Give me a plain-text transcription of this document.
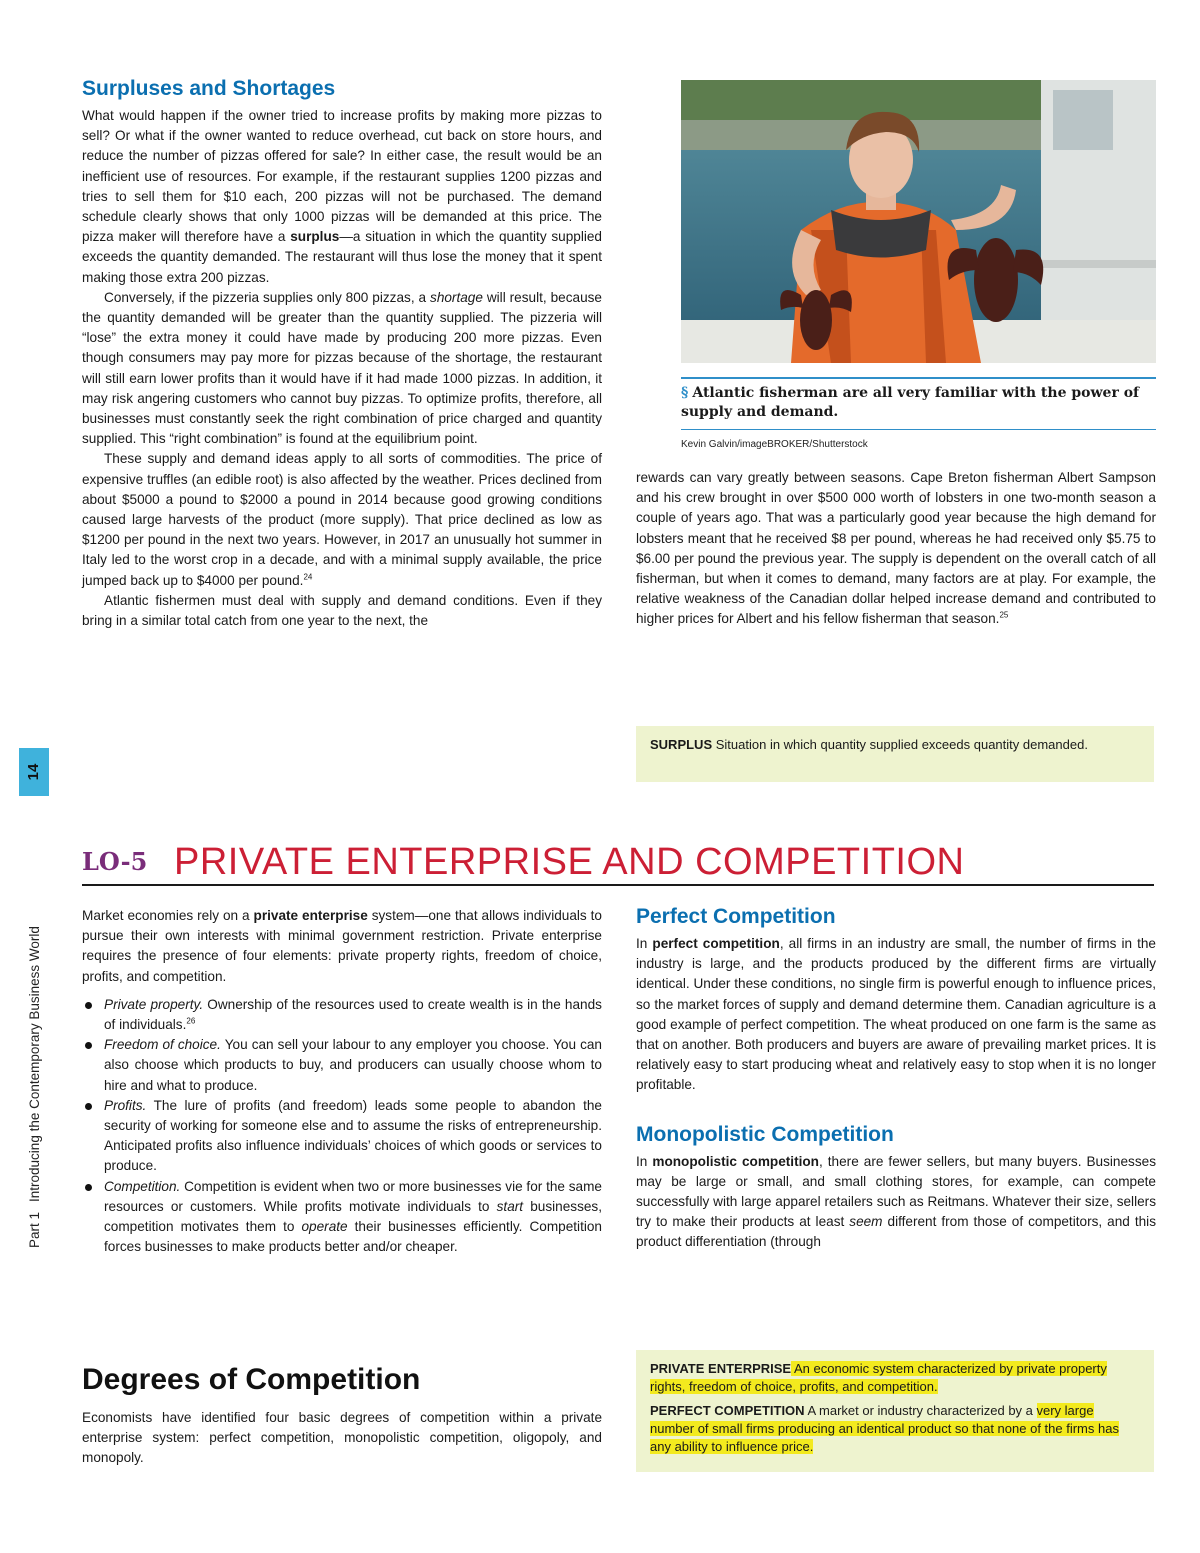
Surpluses and Shortages

What would happen if the owner tried to increase profits by making more pizzas to sell? Or what if the owner wanted to reduce overhead, cut back on store hours, and reduce the number of pizzas offered for sale? In either case, the result would be an inefficient use of resources. For example, if the restaurant supplies 1200 pizzas and tries to sell them for $10 each, 200 pizzas will not be purchased. The demand schedule clearly shows that only 1000 pizzas will be demanded at this price. The pizza maker will therefore have a surplus—a situation in which the quantity supplied exceeds the quantity demanded. The restaurant will thus lose the money that it spent making those extra 200 pizzas.

Conversely, if the pizzeria supplies only 800 pizzas, a shortage will result, because the quantity demanded will be greater than the quantity supplied. The pizzeria will “lose” the extra money it could have made by producing 200 more pizzas. Even though consumers may pay more for pizzas because of the shortage, the restaurant will still earn lower profits than it would have if it had made 1000 pizzas. In addition, it may risk angering customers who cannot buy pizzas. To optimize profits, therefore, all businesses must constantly seek the right combination of price charged and quantity supplied. This “right combination” is found at the equilibrium point.

These supply and demand ideas apply to all sorts of commodities. The price of expensive truffles (an edible root) is also affected by the weather. Prices declined from about $5000 a pound to $2000 a pound in 2014 because good growing conditions caused large harvests of the product (more supply). That price declined as low as $1200 per pound in the next two years. However, in 2017 an unusually hot summer in Italy led to the worst crop in a decade, and with a minimal supply available, the price jumped back up to $4000 per pound.$^{24}$

Atlantic fishermen must deal with supply and demand conditions. Even if they bring in a similar total catch from one year to the next, the

§ Atlantic fisherman are all very familiar with the power of supply and demand.
Kevin Galvin/imageBROKER/Shutterstock

rewards can vary greatly between seasons. Cape Breton fisherman Albert Sampson and his crew brought in over $500 000 worth of lobsters in one two-month season a couple of years ago. That was a particularly good year because the high demand for lobsters meant that he received $8 per pound, whereas he had received only $5.75 to $6.00 per pound the previous year. The supply is dependent on the overall catch of all fisherman, but when it comes to demand, many factors are at play. For example, the relative weakness of the Canadian dollar helped increase demand and contributed to higher prices for Albert and his fellow fisherman that season.$^{25}$

SURPLUS Situation in which quantity supplied exceeds quantity demanded.
14
Part 1Introducing the Contemporary Business World
LO-5 PRIVATE ENTERPRISE AND COMPETITION

Market economies rely on a private enterprise system—one that allows individuals to pursue their own interests with minimal government restriction. Private enterprise requires the presence of four elements: private property rights, freedom of choice, profits, and competition.

Private property. Ownership of the resources used to create wealth is in the hands of individuals.$^{26}$
Freedom of choice. You can sell your labour to any employer you choose. You can also choose which products to buy, and producers can usually choose whom to hire and what to produce.
Profits. The lure of profits (and freedom) leads some people to abandon the security of working for someone else and to assume the risks of entrepreneurship. Anticipated profits also influence individuals’ choices of which goods or services to produce.
Competition. Competition is evident when two or more businesses vie for the same resources or customers. While profits motivate individuals to start businesses, competition motivates them to operate their businesses efficiently. Competition forces businesses to make products better and/or cheaper.
Degrees of Competition

Economists have identified four basic degrees of competition within a private enterprise system: perfect competition, monopolistic competition, oligopoly, and monopoly.

Perfect Competition

In perfect competition, all firms in an industry are small, the number of firms in the industry is large, and the products produced by the different firms are virtually identical. Under these conditions, no single firm is powerful enough to influence prices, so the market forces of supply and demand determine them. Canadian agriculture is a good example of perfect competition. The wheat produced on one farm is the same as that on another. Both producers and buyers are aware of prevailing market prices. It is relatively easy to start producing wheat and relatively easy to stop when it is no longer profitable.

Monopolistic Competition

In monopolistic competition, there are fewer sellers, but many buyers. Businesses may be large or small, and small clothing stores, for example, can compete successfully with large apparel retailers such as Reitmans. Whatever their size, sellers try to make their products at least seem different from those of competitors, and this product differentiation (through

PRIVATE ENTERPRISE An economic system characterized by private property rights, freedom of choice, profits, and competition.
PERFECT COMPETITION A market or industry characterized by a very large number of small firms producing an identical product so that none of the firms has any ability to influence price.
